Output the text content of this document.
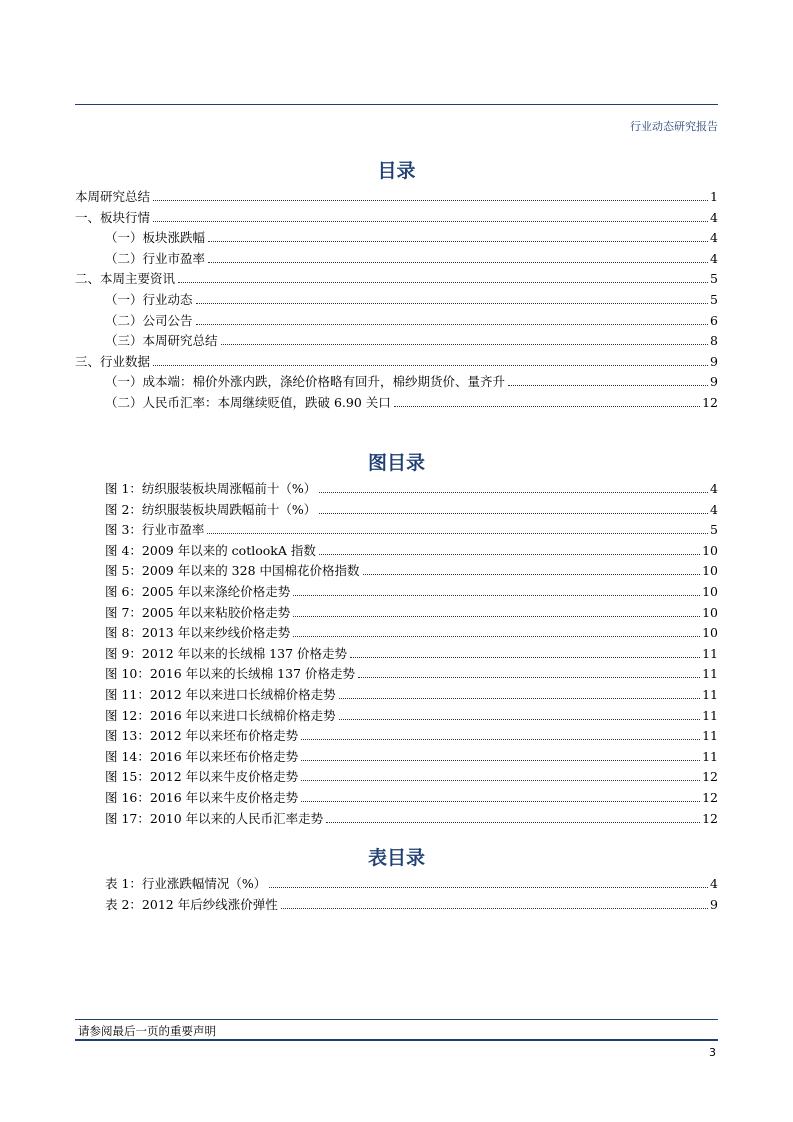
行业动态研究报告
目录
本周研究总结	1
一、板块行情	4
（一）板块涨跌幅	4
（二）行业市盈率	4
二、本周主要资讯	5
（一）行业动态	5
（二）公司公告	6
（三）本周研究总结	8
三、行业数据	9
（一）成本端：棉价外涨内跌，涤纶价格略有回升，棉纱期货价、量齐升	9
（二）人民币汇率：本周继续贬值，跌破 6.90 关口	12
图目录
图 1：纺织服装板块周涨幅前十（%）	4
图 2：纺织服装板块周跌幅前十（%）	4
图 3：行业市盈率	5
图 4：2009 年以来的 cotlookA 指数	10
图 5：2009 年以来的 328 中国棉花价格指数	10
图 6：2005 年以来涤纶价格走势	10
图 7：2005 年以来粘胶价格走势	10
图 8：2013 年以来纱线价格走势	10
图 9：2012 年以来的长绒棉 137 价格走势	11
图 10：2016 年以来的长绒棉 137 价格走势	11
图 11：2012 年以来进口长绒棉价格走势	11
图 12：2016 年以来进口长绒棉价格走势	11
图 13：2012 年以来坯布价格走势	11
图 14：2016 年以来坯布价格走势	11
图 15：2012 年以来牛皮价格走势	12
图 16：2016 年以来牛皮价格走势	12
图 17：2010 年以来的人民币汇率走势	12
表目录
表 1：行业涨跌幅情况（%）	4
表 2：2012 年后纱线涨价弹性	9
请参阅最后一页的重要声明
3
